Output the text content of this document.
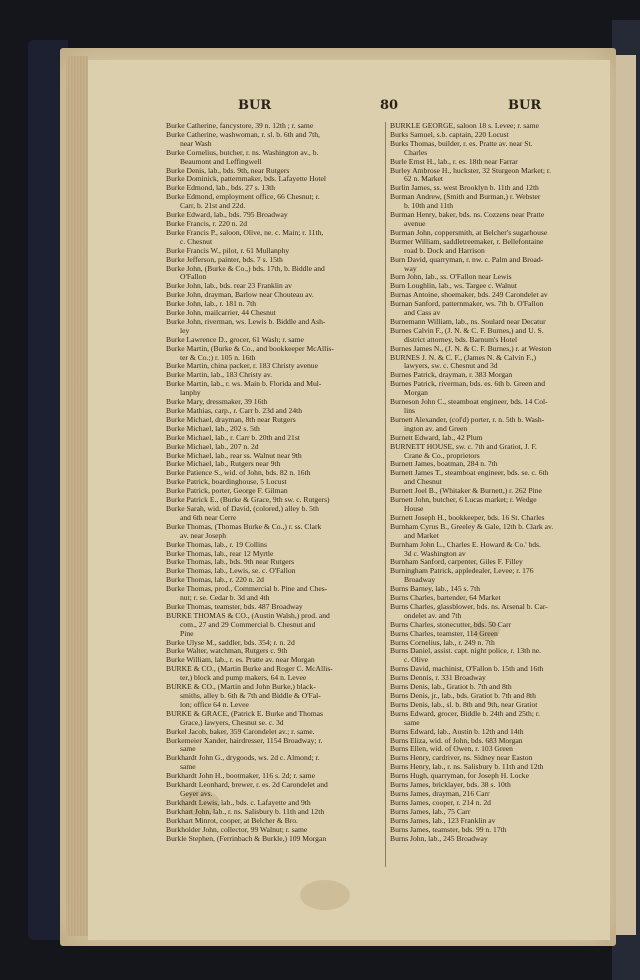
BUR	80	BUR
Burke Catherine, fancystore, 39 n. 12th ; r. same
Burke Catherine, washwoman, r. sl. b. 6th and 7th,
near Wash
Burke Cornelius, butcher, r. ns. Washington av., b.
Beaumont and Leffingwell
Burke Denis, lab., bds. 9th, near Rutgers
Burke Dominick, patternmaker, bds. Lafayette Hotel
Burke Edmond, lab., bds. 27 s. 13th
Burke Edmond, employment office, 66 Chesnut; r.
Carr, b. 21st and 22d.
Burke Edward, lab., bds. 795 Broadway
Burke Francis, r. 220 n. 2d
Burke Francis P., saloon, Olive, ne. c. Main; r. 11th,
c. Chesnut
Burke Francis W., pilot, r. 61 Mullanphy
Burke Jefferson, painter, bds. 7 s. 15th
Burke John, (Burke & Co.,) bds. 17th, b. Biddle and
O'Fallon
Burke John, lab., bds. rear 23 Franklin av
Burke John, drayman, Barlow near Chouteau av.
Burke John, lab., r. 181 n. 7th
Burke John, mailcarrier, 44 Chesnut
Burke John, riverman, ws. Lewis b. Biddle and Ash-
ley
Burke Lawrence D., grocer, 61 Wash; r. same
Burke Martin, (Burke & Co., and bookkeeper McAllis-
ter & Co.;) r. 105 n. 16th
Burke Martin, china packer, r. 183 Christy avenue
Burke Martin, lab., 183 Christy av.
Burke Martin, lab., r. ws. Main b. Florida and Mul-
lanphy
Burke Mary, dressmaker, 39 16th
Burke Mathias, carp., r. Carr b. 23d and 24th
Burke Michael, drayman, 8th near Rutgers
Burke Michael, lab., 202 s. 5th
Burke Michael, lab., r. Carr b. 20th and 21st
Burke Michael, lab., 207 n. 2d
Burke Michael, lab., rear ss. Walnut near 9th
Burke Michael, lab., Rutgers near 9th
Burke Patience S., wid. of John, bds. 82 n. 16th
Burke Patrick, boardinghouse, 5 Locust
Burke Patrick, porter, George F. Gilman
Burke Patrick E., (Burke & Grace, 9th sw. c. Rutgers)
Burke Sarah, wid. of David, (colored,) alley b. 5th
and 6th near Cerre
Burke Thomas, (Thomas Burke & Co.,) r. ss. Clark
av. near Joseph
Burke Thomas, lab., r. 19 Collins
Burke Thomas, lab., rear 12 Myrtle
Burke Thomas, lab., bds. 9th near Rutgers
Burke Thomas, lab., Lewis, se. c. O'Fallon
Burke Thomas, lab., r. 220 n. 2d
Burke Thomas, prod., Commercial b. Pine and Ches-
nut; r. se. Cedar b. 3d and 4th
Burke Thomas, teamster, bds. 487 Broadway
BURKE THOMAS & CO., (Austin Walsh,) prod. and
com., 27 and 29 Commercial b. Chesnut and
Pine
Burke Ulyse M., saddler, bds. 354; r. n. 2d
Burke Walter, watchman, Rutgers c. 9th
Burke William, lab., r. es. Pratte av. near Morgan
BURKE & CO., (Martin Burke and Roger C. McAllis-
ter,) block and pump makers, 64 n. Levee
BURKE & CO., (Martin and John Burke,) black-
smiths, alley b. 6th & 7th and Biddle & O'Fal-
lon; office 64 n. Levee
BURKE & GRACE, (Patrick E. Burke and Thomas
Grace,) lawyers, Chesnut se. c. 3d
Burkel Jacob, baker, 359 Carondelet av.; r. same.
Burkemeier Xander, hairdresser, 1154 Broadway; r.
same
Burkhardt John G., drygoods, ws. 2d c. Almond; r.
same
Burkhardt John H., bootmaker, 116 s. 2d; r. same
Burkhardt Leonhard, brewer, r. es. 2d Carondelet and
Geyer avs.
Burkhardt Lewis, lab., bds. c. Lafayette and 9th
Burkhart John, lab., r. ns. Salisbury b. 11th and 12th
Burkhart Minrot, cooper, at Belcher & Bro.
Burkholder John, collector, 99 Walnut; r. same
Burkle Stephen, (Ferrinbach & Burkle,) 109 Morgan
BURKLE GEORGE, saloon 18 s. Levee; r. same
Burks Samuel, s.b. captain, 220 Locust
Burks Thomas, builder, r. es. Pratte av. near St.
Charles
Burle Ernst H., lab., r. es. 18th near Farrar
Burley Ambrose H., huckster, 32 Sturgeon Market; r.
62 n. Market
Burlin James, ss. west Brooklyn b. 11th and 12th
Burman Andrew, (Smith and Burman,) r. Webster
b. 10th and 11th
Burman Henry, baker, bds. ns. Cozzens near Pratte
avenue
Burman John, coppersmith, at Belcher's sugarhouse
Burmer William, saddletreemaker, r. Bellefontaine
road b. Dock and Harrison
Burn David, quarryman, r. nw. c. Palm and Broad-
way
Burn John, lab., ss. O'Fallon near Lewis
Burn Loughlin, lab., ws. Targee c. Walnut
Burnas Antoine, shoemaker, bds. 249 Carondelet av
Burnan Sanford, patternmaker, ws. 7th b. O'Fallon
and Cass av
Burnemann William, lab., ns. Soulard near Decatur
Burnes Calvin F., (J. N. & C. F. Burnes,) and U. S.
district attorney, bds. Barnum's Hotel
Burnes James N., (J. N. & C. F. Burnes,) r. at Weston
BURNES J. N. & C. F., (James N. & Calvin F.,)
lawyers, sw. c. Chesnut and 3d
Burnes Patrick, drayman, r. 383 Morgan
Burnes Patrick, riverman, bds. es. 6th b. Green and
Morgan
Burneson John C., steamboat engineer, bds. 14 Col-
lins
Burnett Alexander, (col'd) porter, r. n. 5th b. Wash-
ington av. and Green
Burnett Edward, lab., 42 Plum
BURNETT HOUSE, sw. c. 7th and Gratiot, J. F.
Crane & Co., proprietors
Burnett James, boatman, 284 n. 7th
Burnett James T., steamboat engineer, bds. se. c. 6th
and Chesnut
Burnett Joel B., (Whitaker & Burnett,) r. 262 Pine
Burnett John, butcher, 6 Lucas market; r. Wedge
House
Burnett Joseph H., bookkeeper, bds. 16 St. Charles
Burnham Cyrus B., Greeley & Gale, 12th b. Clark av.
and Market
Burnham John L., Charles E. Howard & Co.' bds.
3d c. Washington av
Burnham Sanford, carpenter, Giles F. Filley
Burningham Patrick, appledealer, Levee; r. 176
Broadway
Burns Barney, lab., 145 s. 7th
Burns Charles, bartender, 64 Market
Burns Charles, glassblower, bds. ns. Arsenal b. Car-
ondelet av. and 7th
Burns Charles, stonecutter, bds. 50 Carr
Burns Charles, teamster, 114 Green
Burns Cornelius, lab., r. 249 n. 7th
Burns Daniel, assist. capt. night police, r. 13th ne.
c. Olive
Burns David, machinist, O'Fallon b. 15th and 16th
Burns Dennis, r. 331 Broadway
Burns Denis, lab., Gratiot b. 7th and 8th
Burns Denis, jr., lab., bds. Gratiot b. 7th and 8th
Burns Denis, lab., sl. b. 8th and 9th, near Gratiot
Burns Edward, grocer, Biddle b. 24th and 25th; r.
same
Burns Edward, lab., Austin b. 12th and 14th
Burns Eliza, wid. of John, bds. 683 Morgan
Burns Ellen, wid. of Owen, r. 103 Green
Burns Henry, cardriver, ns. Sidney near Easton
Burns Henry, lab., r. ns. Salisbury b. 11th and 12th
Burns Hugh, quarryman, for Joseph H. Locke
Burns James, bricklayer, bds. 38 s. 10th
Burns James, drayman, 216 Carr
Burns James, cooper, r. 214 n. 2d
Burns James, lab., 75 Carr
Burns James, lab., 123 Franklin av
Burns James, teamster, bds. 99 n. 17th
Burns John, lab., 245 Broadway
